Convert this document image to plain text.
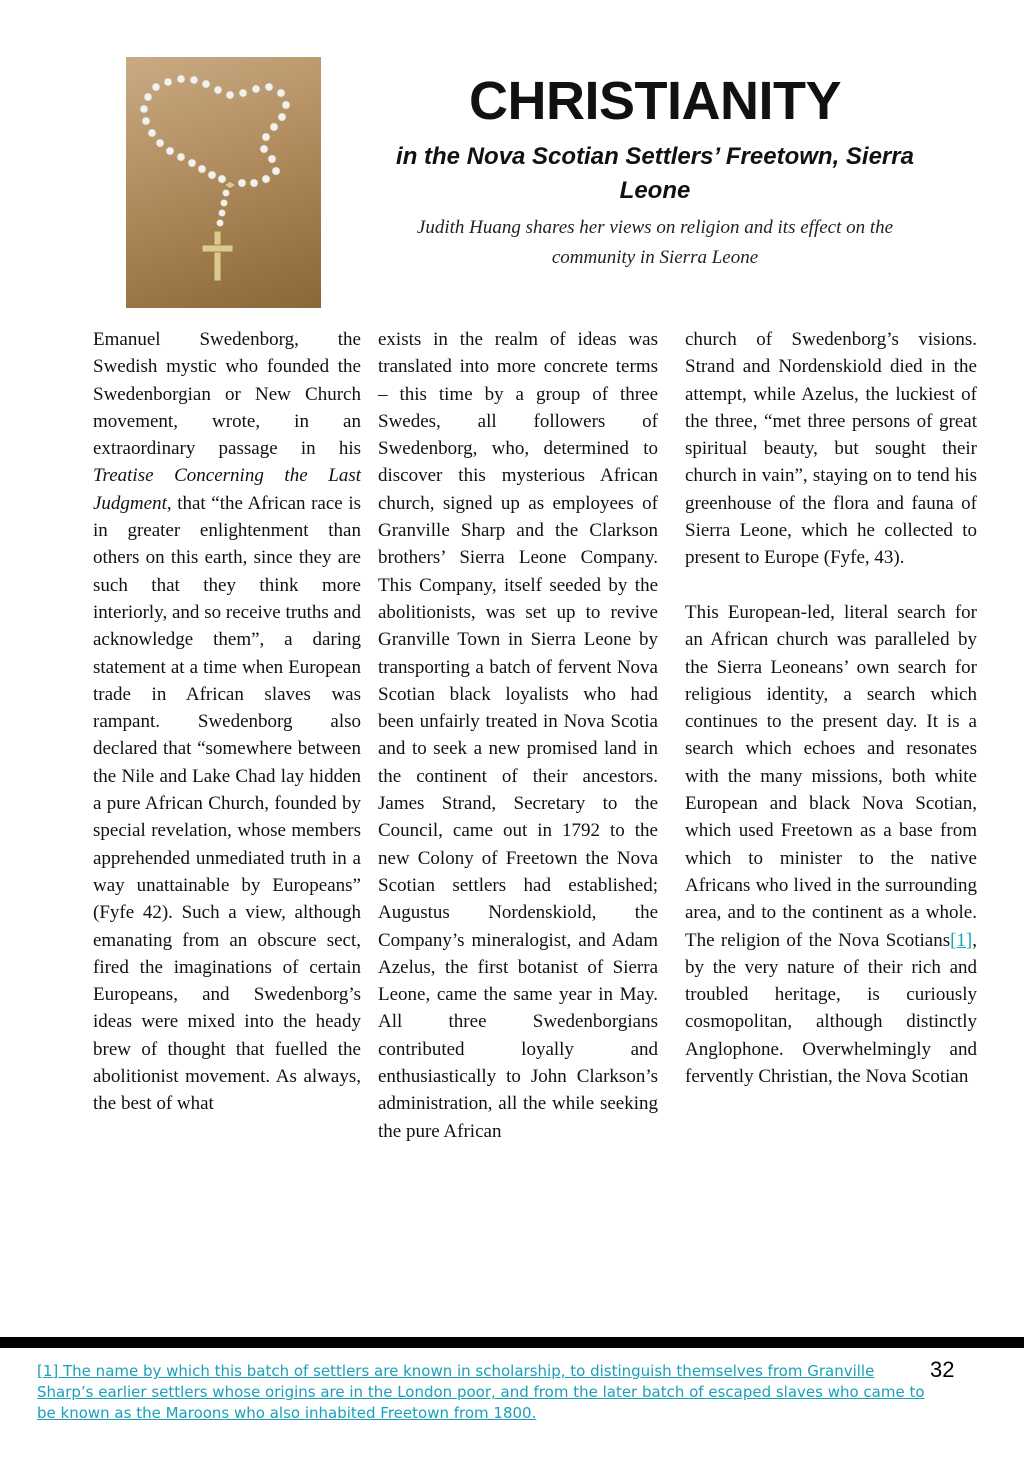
CHRISTIANITY
in the Nova Scotian Settlers’ Freetown, Sierra Leone

Judith Huang shares her views on religion and its effect on the community in Sierra Leone

Emanuel Swedenborg, the Swedish mystic who founded the Swedenborgian or New Church movement, wrote, in an extraordinary passage in his Treatise Concerning the Last Judgment, that “the African race is in greater enlightenment than others on this earth, since they are such that they think more interiorly, and so receive truths and acknowledge them”, a daring statement at a time when European trade in African slaves was rampant. Swedenborg also declared that “somewhere between the Nile and Lake Chad lay hidden a pure African Church, founded by special revelation, whose members apprehended unmediated truth in a way unattainable by Europeans” (Fyfe 42). Such a view, although emanating from an obscure sect, fired the imaginations of certain Europeans, and Swedenborg’s ideas were mixed into the heady brew of thought that fuelled the abolitionist movement. As always, the best of what

exists in the realm of ideas was translated into more concrete terms – this time by a group of three Swedes, all followers of Swedenborg, who, determined to discover this mysterious African church, signed up as employees of Granville Sharp and the Clarkson brothers’ Sierra Leone Company. This Company, itself seeded by the abolitionists, was set up to revive Granville Town in Sierra Leone by transporting a batch of fervent Nova Scotian black loyalists who had been unfairly treated in Nova Scotia and to seek a new promised land in the continent of their ancestors. James Strand, Secretary to the Council, came out in 1792 to the new Colony of Freetown the Nova Scotian settlers had established; Augustus Nordenskiold, the Company’s mineralogist, and Adam Azelus, the first botanist of Sierra Leone, came the same year in May. All three Swedenborgians contributed loyally and enthusiastically to John Clarkson’s administration, all the while seeking the pure African

church of Swedenborg’s visions. Strand and Nordenskiold died in the attempt, while Azelus, the luckiest of the three, “met three persons of great spiritual beauty, but sought their church in vain”, staying on to tend his greenhouse of the flora and fauna of Sierra Leone, which he collected to present to Europe (Fyfe, 43).

This European-led, literal search for an African church was paralleled by the Sierra Leoneans’ own search for religious identity, a search which continues to the present day. It is a search which echoes and resonates with the many missions, both white European and black Nova Scotian, which used Freetown as a base from which to minister to the native Africans who lived in the surrounding area, and to the continent as a whole. The religion of the Nova Scotians[1], by the very nature of their rich and troubled heritage, is curiously cosmopolitan, although distinctly Anglophone. Overwhelmingly and fervently Christian, the Nova Scotian

[1] The name by which this batch of settlers are known in scholarship, to distinguish themselves from Granville Sharp’s earlier settlers whose origins are in the London poor, and from the later batch of escaped slaves who came to be known as the Maroons who also inhabited Freetown from 1800.

32
